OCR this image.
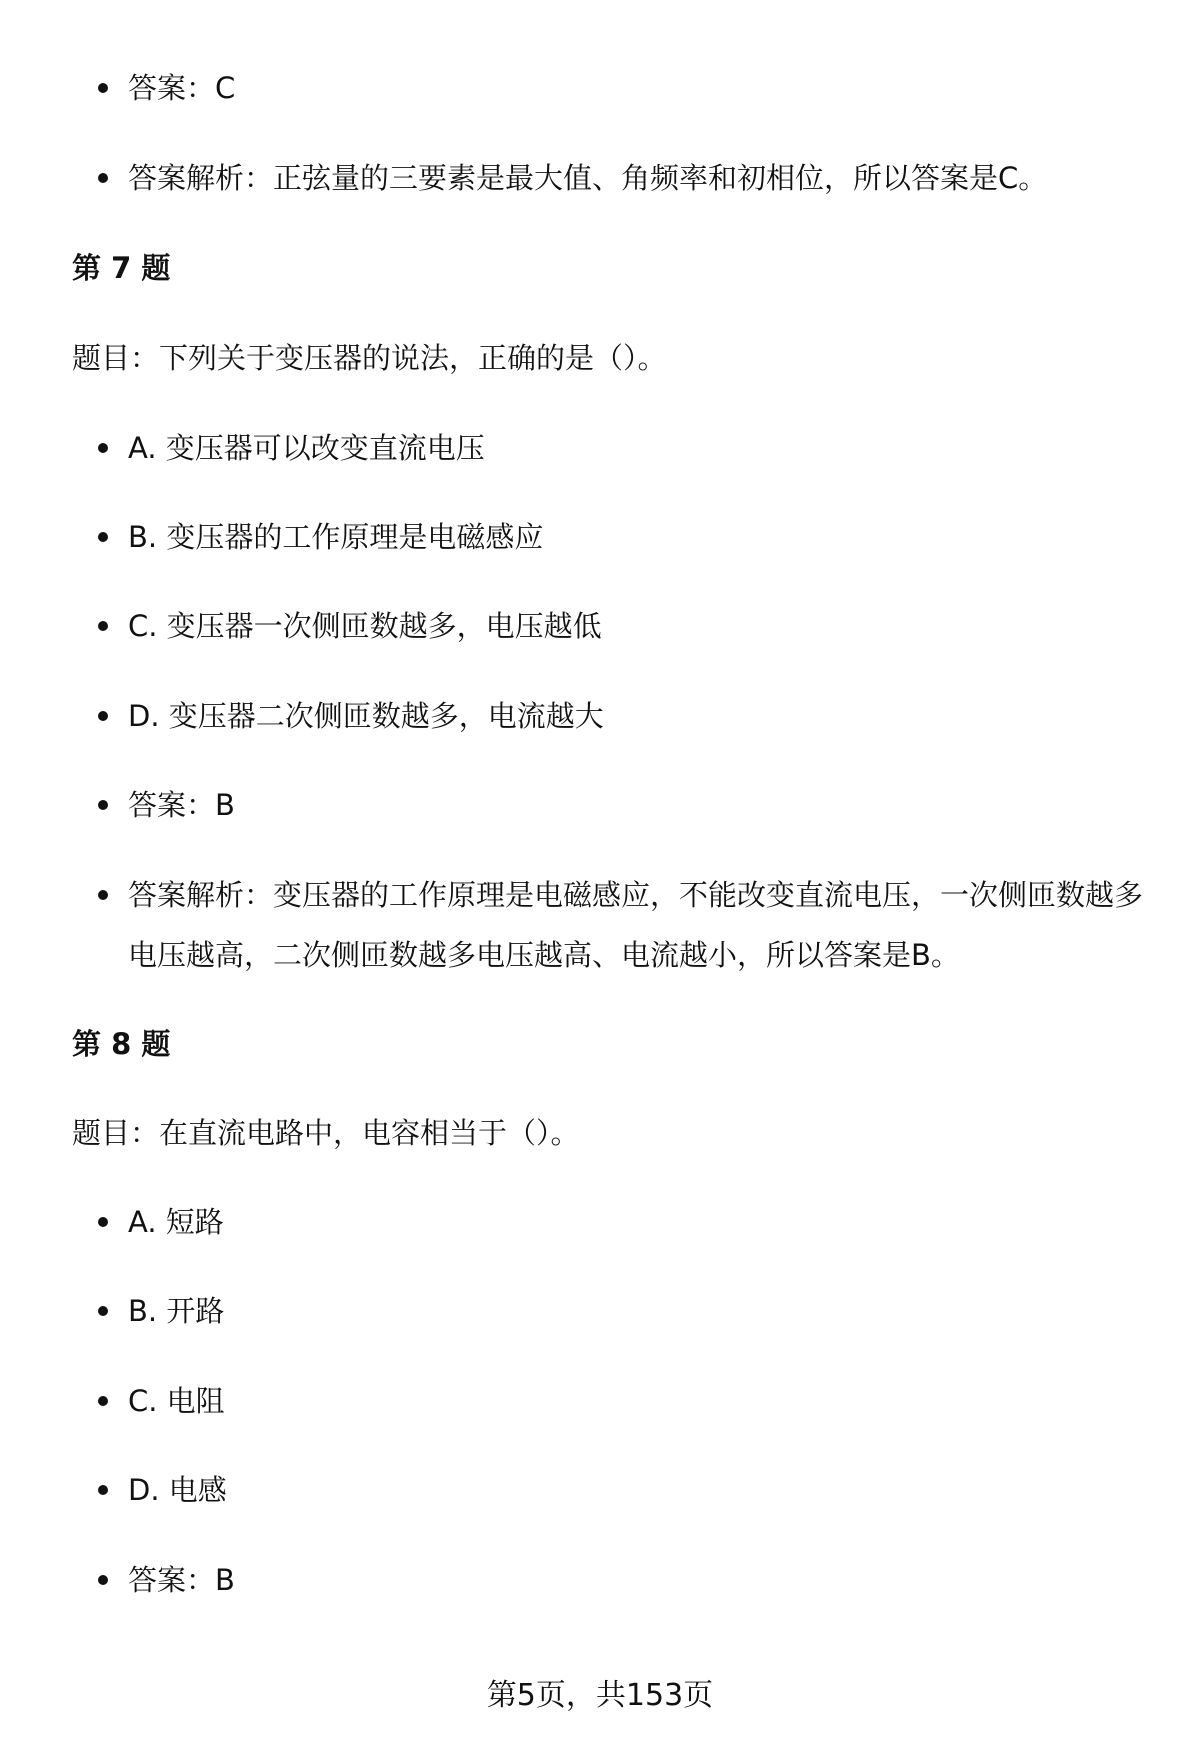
答案：C
答案解析：正弦量的三要素是最大值、角频率和初相位，所以答案是C。
第 7 题
题目：下列关于变压器的说法，正确的是（）。
A. 变压器可以改变直流电压
B. 变压器的工作原理是电磁感应
C. 变压器一次侧匝数越多，电压越低
D. 变压器二次侧匝数越多，电流越大
答案：B
答案解析：变压器的工作原理是电磁感应，不能改变直流电压，一次侧匝数越多电压越高，二次侧匝数越多电压越高、电流越小，所以答案是B。
第 8 题
题目：在直流电路中，电容相当于（）。
A. 短路
B. 开路
C. 电阻
D. 电感
答案：B
第5页，共153页
